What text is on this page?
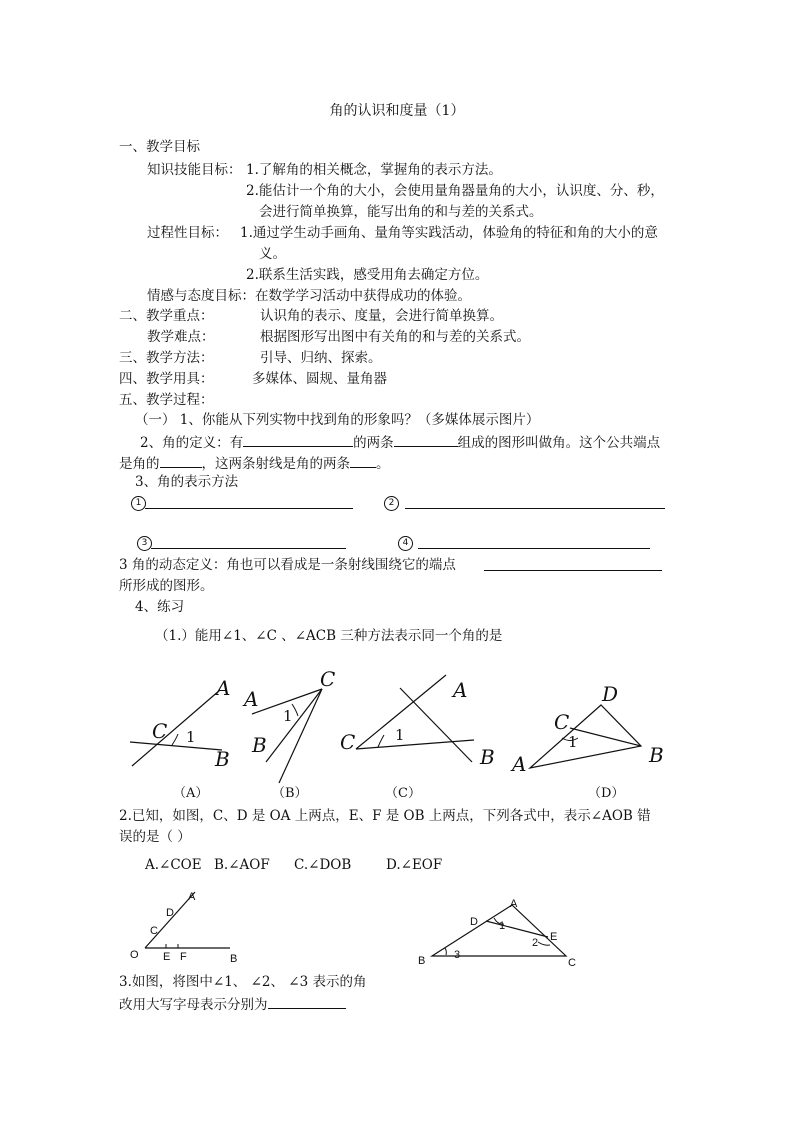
角的认识和度量（1）
一、教学目标
知识技能目标： 1.了解角的相关概念，掌握角的表示方法。
2.能估计一个角的大小，会使用量角器量角的大小，认识度、分、秒，
会进行简单换算，能写出角的和与差的关系式。
过程性目标： 1.通过学生动手画角、量角等实践活动，体验角的特征和角的大小的意
义。
2.联系生活实践，感受用角去确定方位。
情感与态度目标：在数学学习活动中获得成功的体验。
二、教学重点：	认识角的表示、度量，会进行简单换算。
教学难点：	根据图形写出图中有关角的和与差的关系式。
三、教学方法：	引导、归纳、探索。
四、教学用具：	多媒体、圆规、量角器
五、教学过程：
（一） 1、你能从下列实物中找到角的形象吗？（多媒体展示图片）
2、角的定义：有	的两条	组成的图形叫做角。这个公共端点
是角的	，这两条射线是角的两条 。
3、角的表示方法
1	2
3	4
3 角的动态定义：角也可以看成是一条射线围绕它的端点
所形成的图形。
4、练习
（1.）能用∠1、∠C 、∠ACB 三种方法表示同一个角的是
A
C 1
B
（A）
A
C
1
B
（B）
A
C	1
B
（C）
D
C
1
B
A
（D）
A
D
C
O E F	B
A
D 1
E
2
B	3
C
2.已知，如图，C、D 是 OA 上两点，E、F 是 OB 上两点，下列各式中，表示∠AOB 错
误的是（ ）
A.∠COE B.∠AOF C.∠DOB	D.∠EOF
3.如图，将图中∠1、 ∠2、 ∠3 表示的角
改用大写字母表示分别为
